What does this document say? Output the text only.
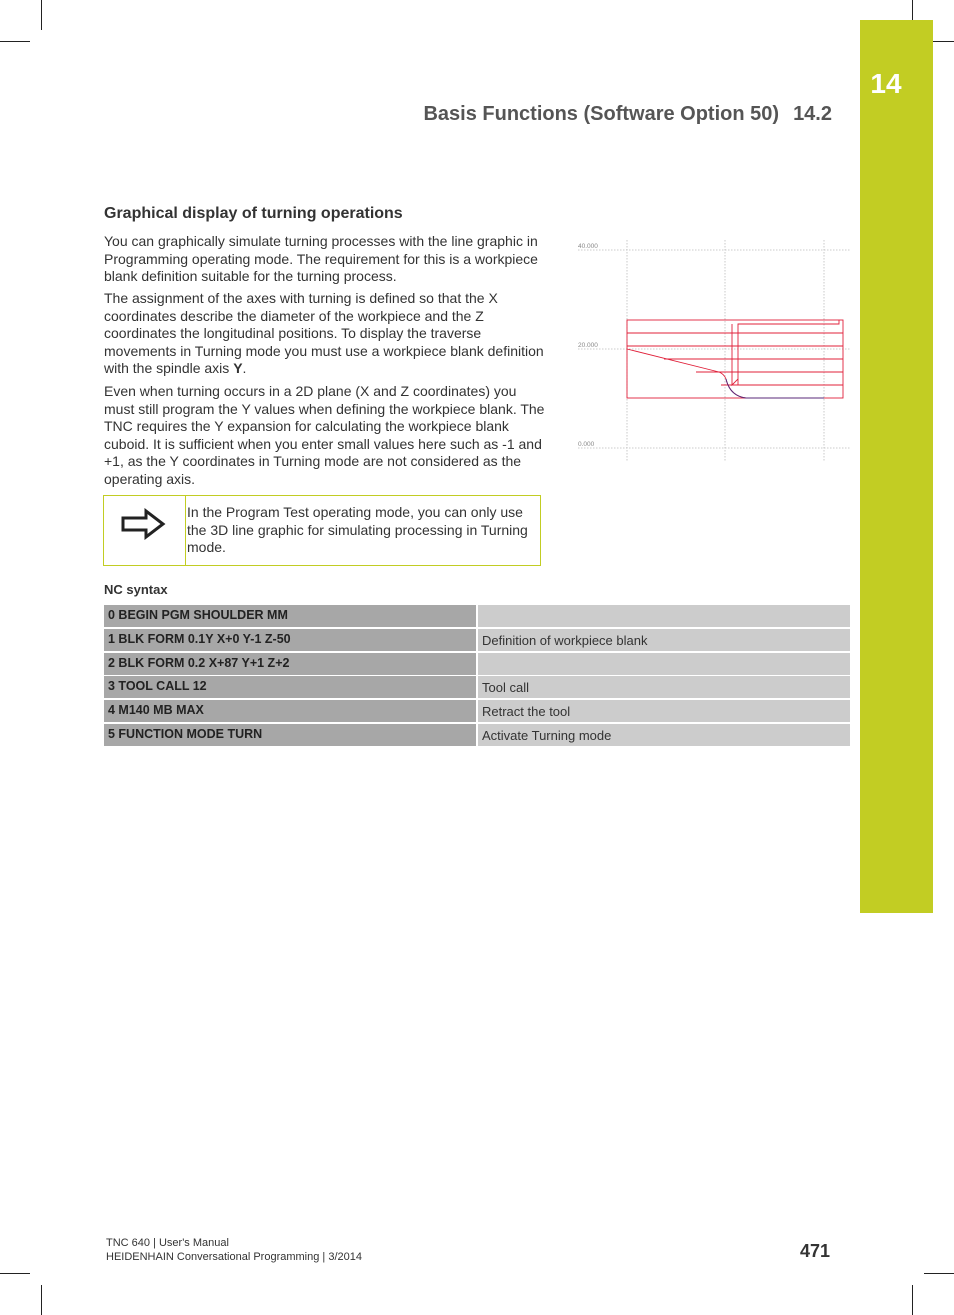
14
Basis Functions (Software Option 50) 14.2
Graphical display of turning operations

You can graphically simulate turning processes with the line graphic in Programming operating mode. The requirement for this is a workpiece blank definition suitable for the turning process.

The assignment of the axes with turning is defined so that the X coordinates describe the diameter of the workpiece and the Z coordinates the longitudinal positions. To display the traverse movements in Turning mode you must use a workpiece blank definition with the spindle axis Y.

Even when turning occurs in a 2D plane (X and Z coordinates) you must still program the Y values when defining the workpiece blank. The TNC requires the Y expansion for calculating the workpiece blank cuboid. It is sufficient when you enter small values here such as -1 and +1, as the Y coordinates in Turning mode are not considered as the operating axis.

In the Program Test operating mode, you can only use the 3D line graphic for simulating processing in Turning mode.
40.000
20.000
0.000
NC syntax
0 BEGIN PGM SHOULDER MM
1 BLK FORM 0.1Y X+0 Y-1 Z-50	Definition of workpiece blank
2 BLK FORM 0.2 X+87 Y+1 Z+2
3 TOOL CALL 12	Tool call
4 M140 MB MAX	Retract the tool
5 FUNCTION MODE TURN	Activate Turning mode
TNC 640 | User's Manual
HEIDENHAIN Conversational Programming | 3/2014	471
